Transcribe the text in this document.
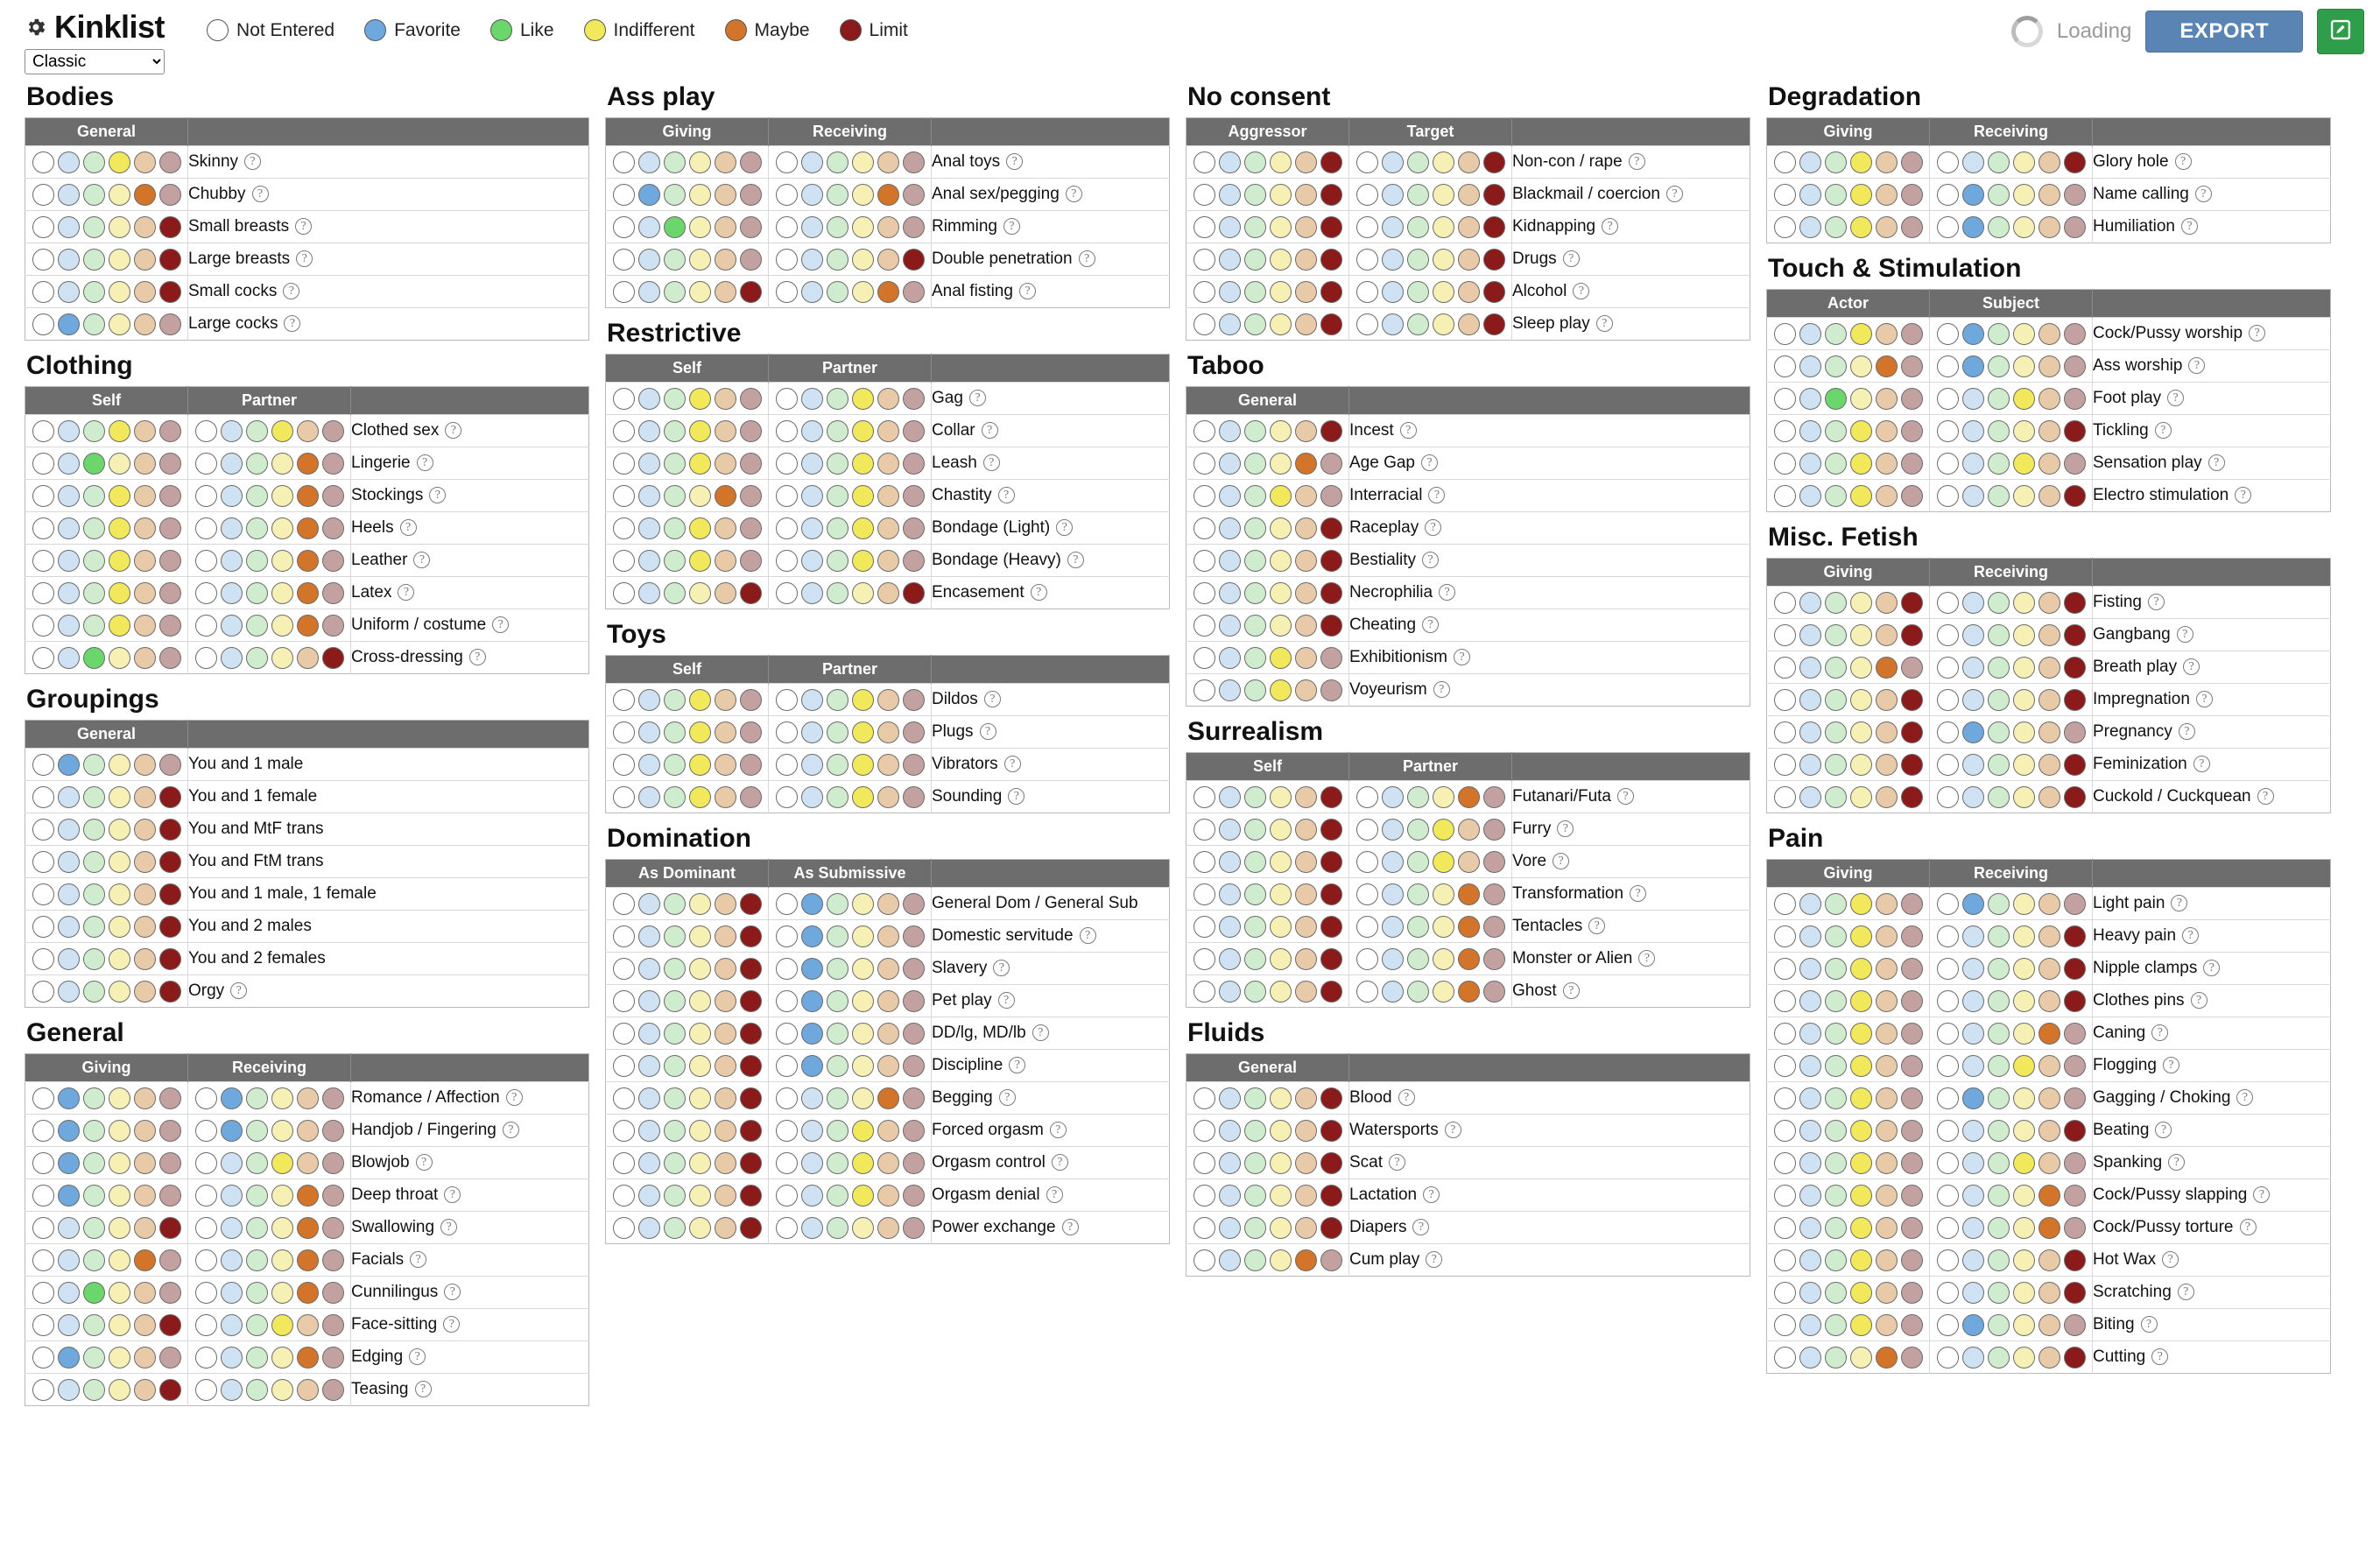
Kinklist
Classic	Not Entered	Favorite	Like	Indifferent	Maybe	Limit	Loading	EXPORT
Bodies
General	
	Skinny ?
	Chubby ?
	Small breasts ?
	Large breasts ?
	Small cocks ?
	Large cocks ?
Clothing
Self	Partner	
		Clothed sex ?
		Lingerie ?
		Stockings ?
		Heels ?
		Leather ?
		Latex ?
		Uniform / costume ?
		Cross-dressing ?
Groupings
General	
	You and 1 male
	You and 1 female
	You and MtF trans
	You and FtM trans
	You and 1 male, 1 female
	You and 2 males
	You and 2 females
	Orgy ?
General
Giving	Receiving	
		Romance / Affection ?
		Handjob / Fingering ?
		Blowjob ?
		Deep throat ?
		Swallowing ?
		Facials ?
		Cunnilingus ?
		Face-sitting ?
		Edging ?
		Teasing ?
Ass play
Giving	Receiving	
		Anal toys ?
		Anal sex/pegging ?
		Rimming ?
		Double penetration ?
		Anal fisting ?
Restrictive
Self	Partner	
		Gag ?
		Collar ?
		Leash ?
		Chastity ?
		Bondage (Light) ?
		Bondage (Heavy) ?
		Encasement ?
Toys
Self	Partner	
		Dildos ?
		Plugs ?
		Vibrators ?
		Sounding ?
Domination
As Dominant	As Submissive	
		General Dom / General Sub
		Domestic servitude ?
		Slavery ?
		Pet play ?
		DD/lg, MD/lb ?
		Discipline ?
		Begging ?
		Forced orgasm ?
		Orgasm control ?
		Orgasm denial ?
		Power exchange ?
No consent
Aggressor	Target	
		Non-con / rape ?
		Blackmail / coercion ?
		Kidnapping ?
		Drugs ?
		Alcohol ?
		Sleep play ?
Taboo
General	
	Incest ?
	Age Gap ?
	Interracial ?
	Raceplay ?
	Bestiality ?
	Necrophilia ?
	Cheating ?
	Exhibitionism ?
	Voyeurism ?
Surrealism
Self	Partner	
		Futanari/Futa ?
		Furry ?
		Vore ?
		Transformation ?
		Tentacles ?
		Monster or Alien ?
		Ghost ?
Fluids
General	
	Blood ?
	Watersports ?
	Scat ?
	Lactation ?
	Diapers ?
	Cum play ?
Degradation
Giving	Receiving	
		Glory hole ?
		Name calling ?
		Humiliation ?
Touch & Stimulation
Actor	Subject	
		Cock/Pussy worship ?
		Ass worship ?
		Foot play ?
		Tickling ?
		Sensation play ?
		Electro stimulation ?
Misc. Fetish
Giving	Receiving	
		Fisting ?
		Gangbang ?
		Breath play ?
		Impregnation ?
		Pregnancy ?
		Feminization ?
		Cuckold / Cuckquean ?
Pain
Giving	Receiving	
		Light pain ?
		Heavy pain ?
		Nipple clamps ?
		Clothes pins ?
		Caning ?
		Flogging ?
		Gagging / Choking ?
		Beating ?
		Spanking ?
		Cock/Pussy slapping ?
		Cock/Pussy torture ?
		Hot Wax ?
		Scratching ?
		Biting ?
		Cutting ?
